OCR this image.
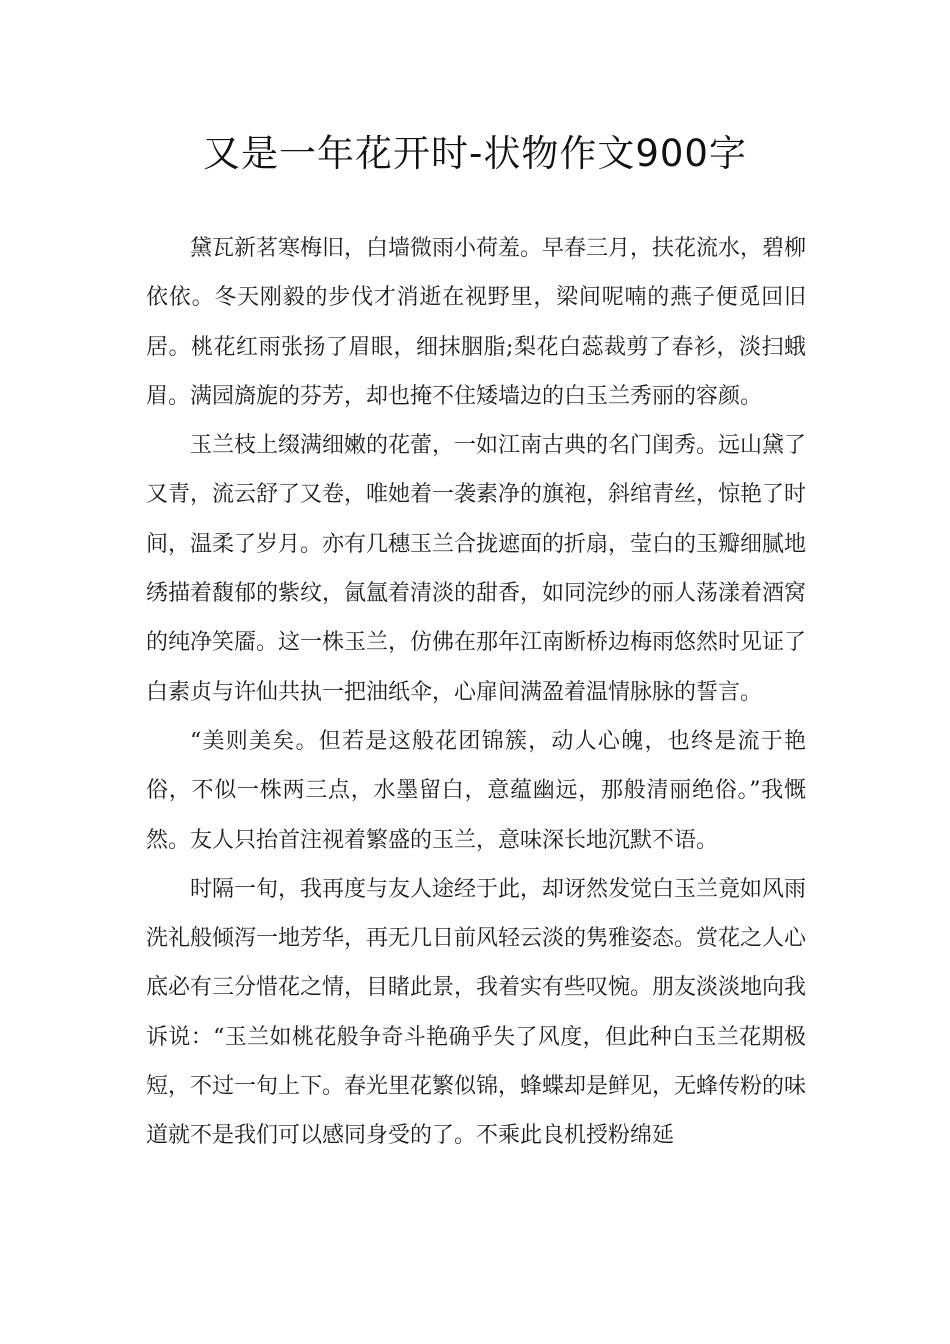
又是一年花开时-状物作文900字

黛瓦新茗寒梅旧，白墙微雨小荷羞。早春三月，扶花流水，碧柳依依。冬天刚毅的步伐才消逝在视野里，梁间呢喃的燕子便觅回旧居。桃花红雨张扬了眉眼，细抹胭脂;梨花白蕊裁剪了春衫，淡扫蛾眉。满园旖旎的芬芳，却也掩不住矮墙边的白玉兰秀丽的容颜。

玉兰枝上缀满细嫩的花蕾，一如江南古典的名门闺秀。远山黛了又青，流云舒了又卷，唯她着一袭素净的旗袍，斜绾青丝，惊艳了时间，温柔了岁月。亦有几穗玉兰合拢遮面的折扇，莹白的玉瓣细腻地绣描着馥郁的紫纹，氤氲着清淡的甜香，如同浣纱的丽人荡漾着酒窝的纯净笑靥。这一株玉兰，仿佛在那年江南断桥边梅雨悠然时见证了白素贞与许仙共执一把油纸伞，心扉间满盈着温情脉脉的誓言。

“美则美矣。但若是这般花团锦簇，动人心魄，也终是流于艳俗，不似一株两三点，水墨留白，意蕴幽远，那般清丽绝俗。”我慨然。友人只抬首注视着繁盛的玉兰，意味深长地沉默不语。

时隔一旬，我再度与友人途经于此，却讶然发觉白玉兰竟如风雨洗礼般倾泻一地芳华，再无几日前风轻云淡的隽雅姿态。赏花之人心底必有三分惜花之情，目睹此景，我着实有些叹惋。朋友淡淡地向我诉说：“玉兰如桃花般争奇斗艳确乎失了风度，但此种白玉兰花期极短，不过一旬上下。春光里花繁似锦，蜂蝶却是鲜见，无蜂传粉的味道就不是我们可以感同身受的了。不乘此良机授粉绵延
